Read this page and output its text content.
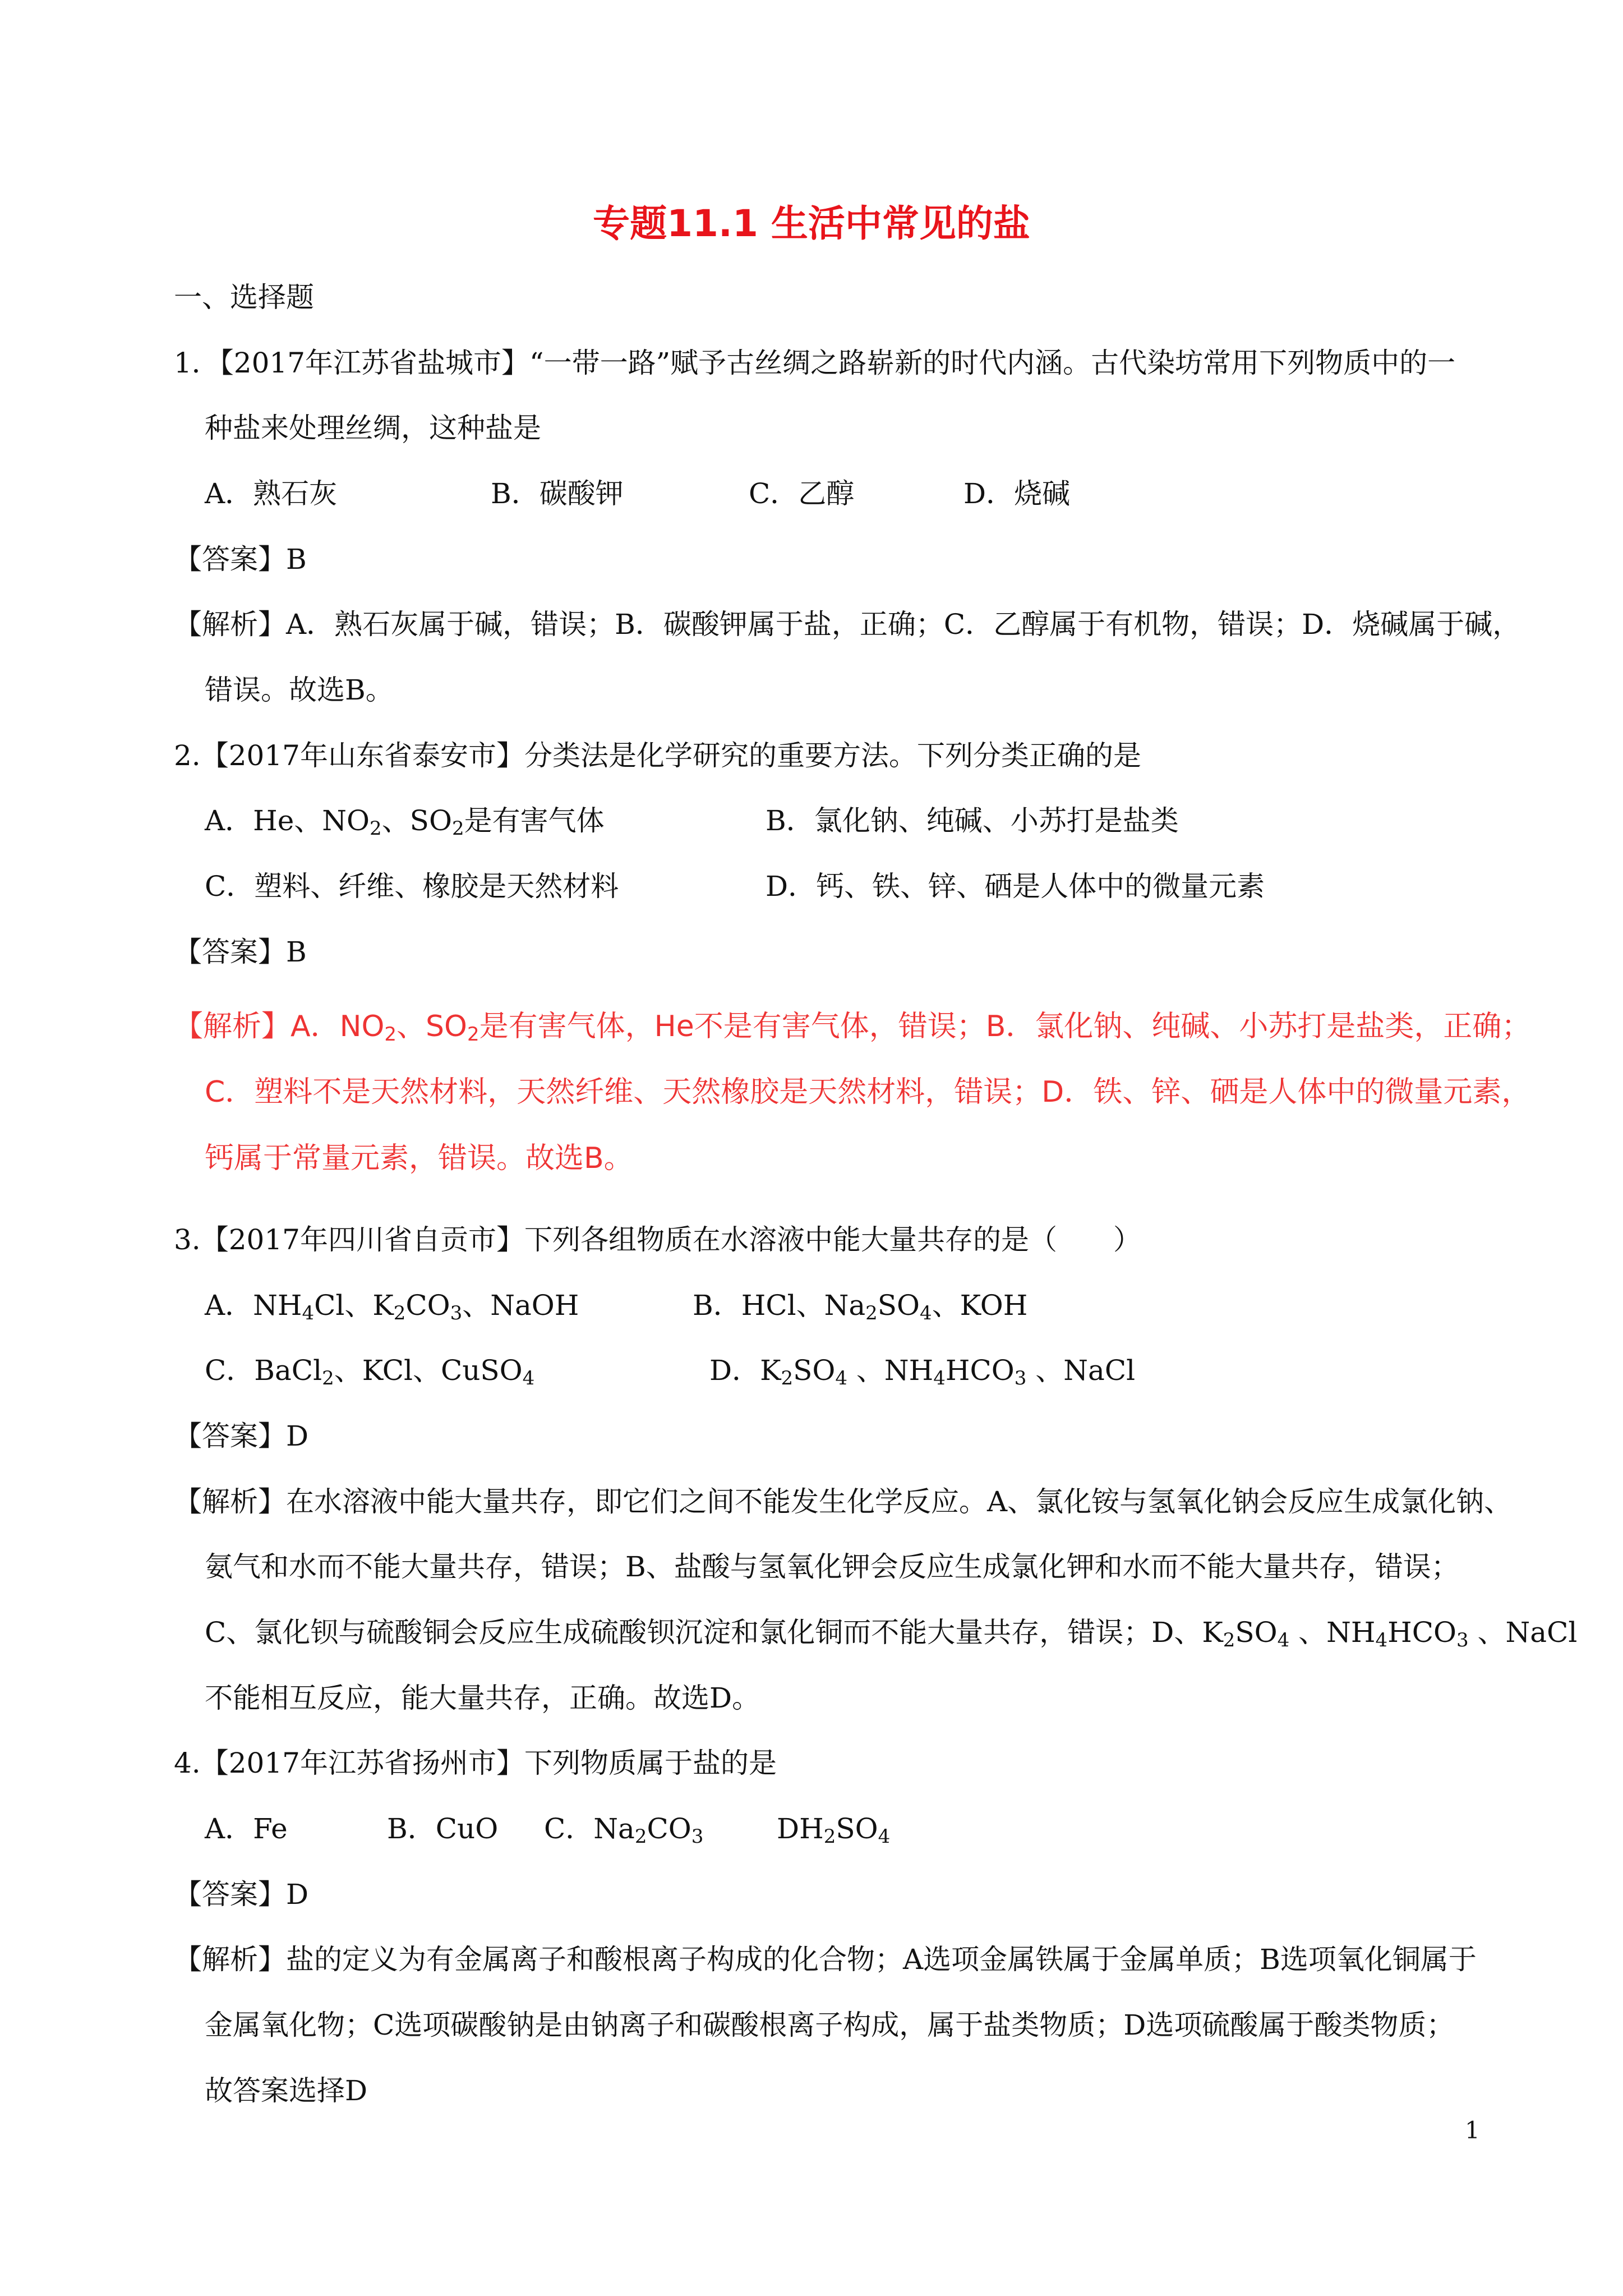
专题11.1 生活中常见的盐
一、选择题
1．【2017年江苏省盐城市】“一带一路”赋予古丝绸之路崭新的时代内涵。古代染坊常用下列物质中的一
种盐来处理丝绸，这种盐是
A．熟石灰	B．碳酸钾	C．乙醇	D．烧碱
【答案】B
【解析】A．熟石灰属于碱，错误；B．碳酸钾属于盐，正确；C．乙醇属于有机物，错误；D．烧碱属于碱，
错误。故选B。
2.【2017年山东省泰安市】分类法是化学研究的重要方法。下列分类正确的是
A．He、$NO_2$、$SO_2$是有害气体	B．氯化钠、纯碱、小苏打是盐类
C．塑料、纤维、橡胶是天然材料	D．钙、铁、锌、硒是人体中的微量元素
【答案】B
【解析】A．$NO_2$、$SO_2$是有害气体，He不是有害气体，错误；B．氯化钠、纯碱、小苏打是盐类，正确；
C．塑料不是天然材料，天然纤维、天然橡胶是天然材料，错误；D．铁、锌、硒是人体中的微量元素，
钙属于常量元素，错误。故选B。
3.【2017年四川省自贡市】下列各组物质在水溶液中能大量共存的是（　　）
A．$NH_4Cl$、$K_2CO_3$、NaOH	B．HCl、$Na_2SO_4$、KOH
C．BaCl$_2$、KCl、CuSO$_4$	D．$K_2SO_4$ 、$NH_4HCO_3$ 、NaCl
【答案】D
【解析】在水溶液中能大量共存，即它们之间不能发生化学反应。A、氯化铵与氢氧化钠会反应生成氯化钠、
氨气和水而不能大量共存，错误；B、盐酸与氢氧化钾会反应生成氯化钾和水而不能大量共存，错误；
C、氯化钡与硫酸铜会反应生成硫酸钡沉淀和氯化铜而不能大量共存，错误；D、$K_2SO_4$ 、$NH_4HCO_3$ 、NaCl
不能相互反应，能大量共存，正确。故选D。
4.【2017年江苏省扬州市】下列物质属于盐的是
A．Fe	B．CuO C．$Na_2CO_3$	$DH_2SO_4$
【答案】D
【解析】盐的定义为有金属离子和酸根离子构成的化合物；A选项金属铁属于金属单质；B选项氧化铜属于
金属氧化物；C选项碳酸钠是由钠离子和碳酸根离子构成，属于盐类物质；D选项硫酸属于酸类物质；
故答案选择D
1
